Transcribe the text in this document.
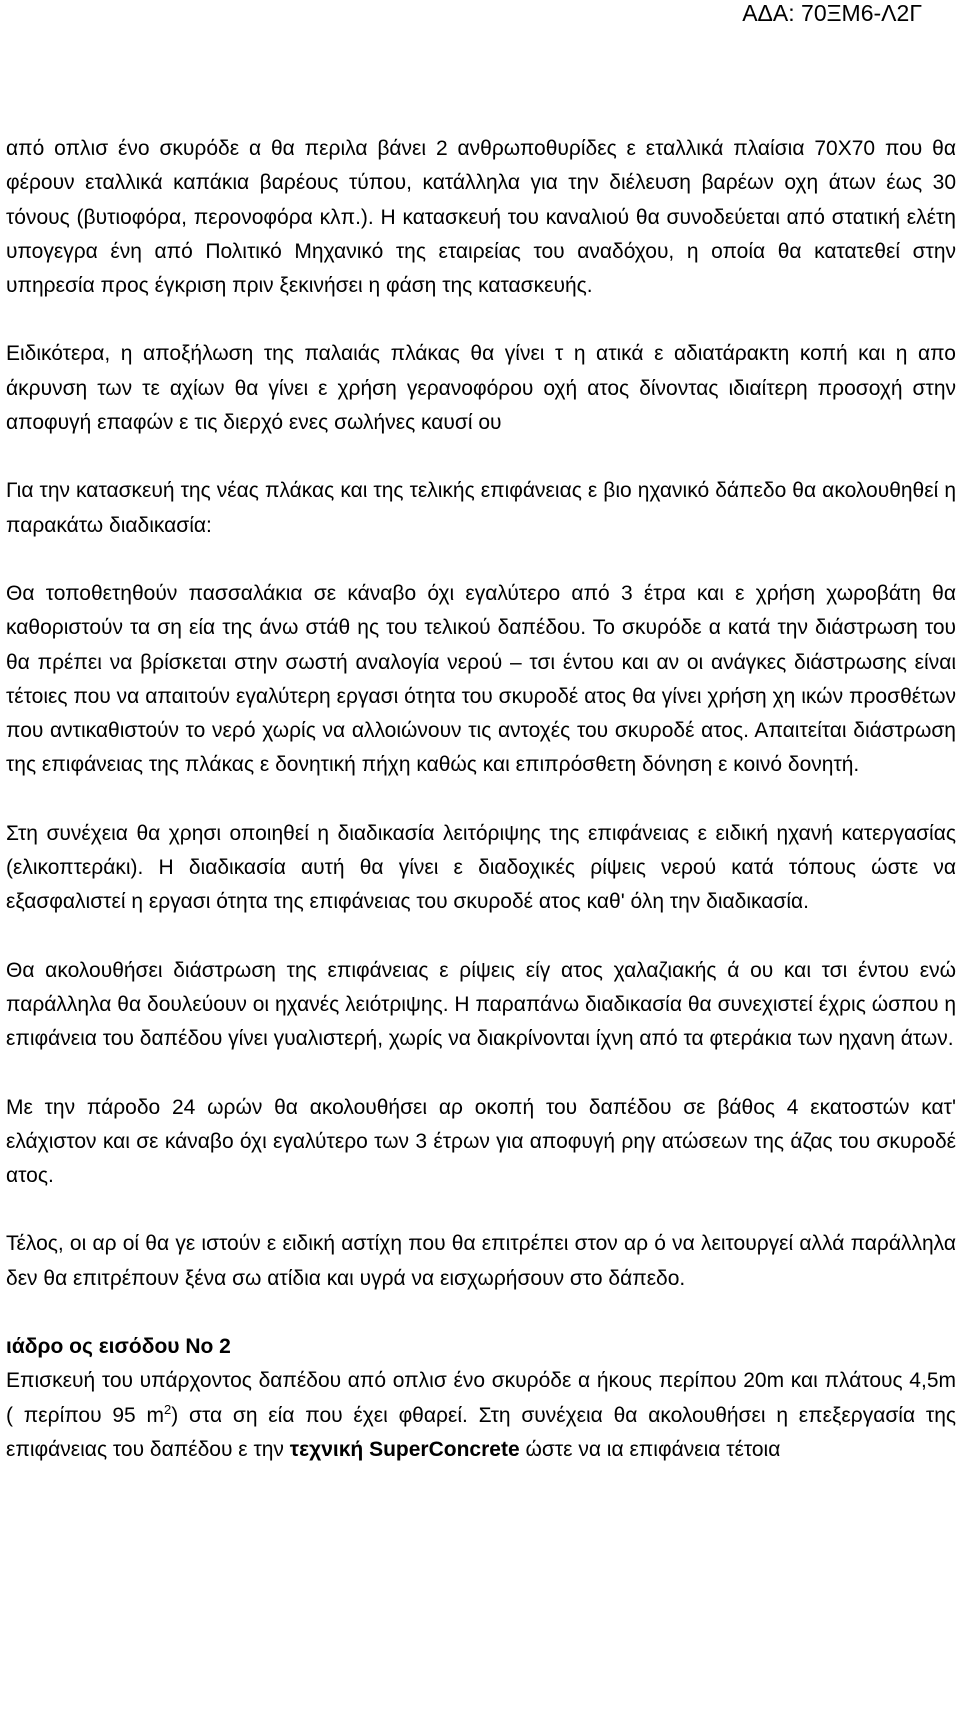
ΑΔΑ: 70ΞΜ6-Λ2Γ

από οπλισ ένο σκυρόδε α θα περιλα βάνει 2 ανθρωποθυρίδες ε εταλλικά πλαίσια 70Χ70 που θα φέρουν εταλλικά καπάκια βαρέους τύπου, κατάλληλα για την διέλευση βαρέων οχη άτων έως 30 τόνους (βυτιοφόρα, περονοφόρα κλπ.). Η κατασκευή του καναλιού θα συνοδεύεται από στατική ελέτη υπογεγρα ένη από Πολιτικό Μηχανικό της εταιρείας του αναδόχου, η οποία θα κατατεθεί στην υπηρεσία προς έγκριση πριν ξεκινήσει η φάση της κατασκευής.

Ειδικότερα, η αποξήλωση της παλαιάς πλάκας θα γίνει τ η ατικά ε αδιατάρακτη κοπή και η απο άκρυνση των τε αχίων θα γίνει ε χρήση γερανοφόρου οχή ατος δίνοντας ιδιαίτερη προσοχή στην αποφυγή επαφών ε τις διερχό ενες σωλήνες καυσί ου

Για την κατασκευή της νέας πλάκας και της τελικής επιφάνειας ε βιο ηχανικό δάπεδο θα ακολουθηθεί η παρακάτω διαδικασία:

Θα τοποθετηθούν πασσαλάκια σε κάναβο όχι εγαλύτερο από 3 έτρα και ε χρήση χωροβάτη θα καθοριστούν τα ση εία της άνω στάθ ης του τελικού δαπέδου. Το σκυρόδε α κατά την διάστρωση του θα πρέπει να βρίσκεται στην σωστή αναλογία νερού – τσι έντου και αν οι ανάγκες διάστρωσης είναι τέτοιες που να απαιτούν εγαλύτερη εργασι ότητα του σκυροδέ ατος θα γίνει χρήση χη ικών προσθέτων που αντικαθιστούν το νερό χωρίς να αλλοιώνουν τις αντοχές του σκυροδέ ατος. Απαιτείται διάστρωση της επιφάνειας της πλάκας ε δονητική πήχη καθώς και επιπρόσθετη δόνηση ε κοινό δονητή.

Στη συνέχεια θα χρησι οποιηθεί η διαδικασία λειτόριψης της επιφάνειας ε ειδική ηχανή κατεργασίας (ελικοπτεράκι). Η διαδικασία αυτή θα γίνει ε διαδοχικές ρίψεις νερού κατά τόπους ώστε να εξασφαλιστεί η εργασι ότητα της επιφάνειας του σκυροδέ ατος καθ' όλη την διαδικασία.

Θα ακολουθήσει διάστρωση της επιφάνειας ε ρίψεις είγ ατος χαλαζιακής ά ου και τσι έντου ενώ παράλληλα θα δουλεύουν οι ηχανές λειότριψης. Η παραπάνω διαδικασία θα συνεχιστεί έχρις ώσπου η επιφάνεια του δαπέδου γίνει γυαλιστερή, χωρίς να διακρίνονται ίχνη από τα φτεράκια των ηχανη άτων.

Με την πάροδο 24 ωρών θα ακολουθήσει αρ οκοπή του δαπέδου σε βάθος 4 εκατοστών κατ' ελάχιστον και σε κάναβο όχι εγαλύτερο των 3 έτρων για αποφυγή ρηγ ατώσεων της άζας του σκυροδέ ατος.

Τέλος, οι αρ οί θα γε ιστούν ε ειδική αστίχη που θα επιτρέπει στον αρ ό να λειτουργεί αλλά παράλληλα δεν θα επιτρέπουν ξένα σω ατίδια και υγρά να εισχωρήσουν στο δάπεδο.

ιάδρο ος εισόδου Νο 2

Επισκευή του υπάρχοντος δαπέδου από οπλισ ένο σκυρόδε α ήκους περίπου 20m και πλάτους 4,5m ( περίπου 95 $m^2$) στα ση εία που έχει φθαρεί. Στη συνέχεια θα ακολουθήσει η επεξεργασία της επιφάνειας του δαπέδου ε την τεχνική SuperConcrete ώστε να ια επιφάνεια τέτοια
